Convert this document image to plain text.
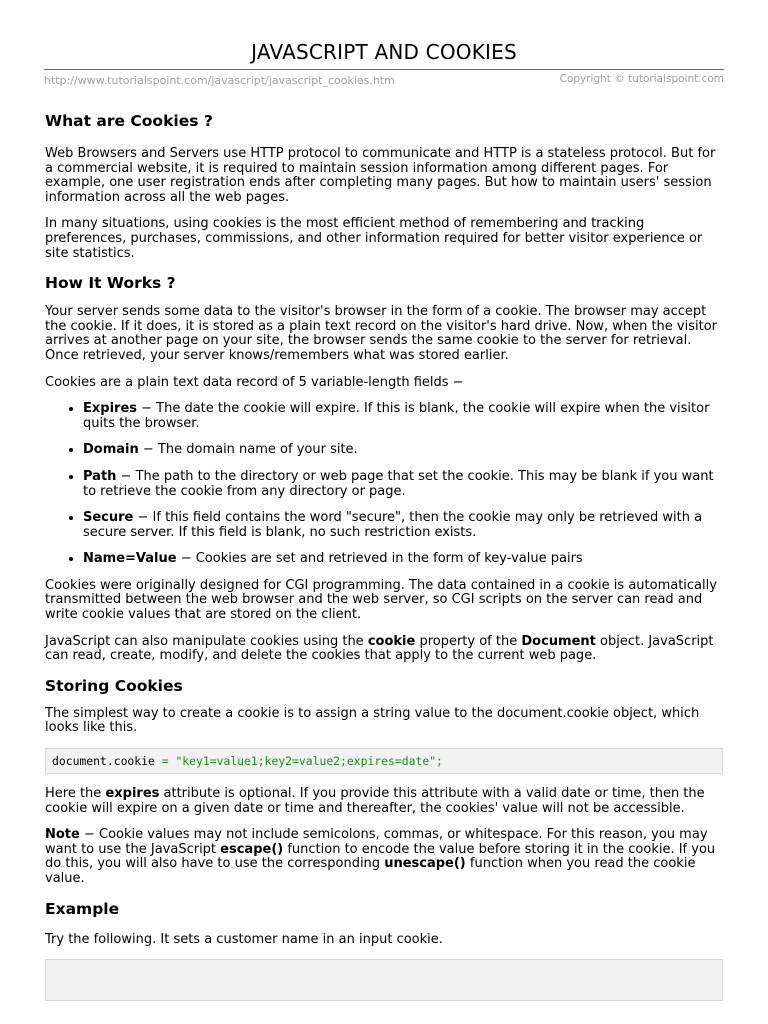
JAVASCRIPT AND COOKIES
http://www.tutorialspoint.com/javascript/javascript_cookies.htm	Copyright © tutorialspoint.com
What are Cookies ?

Web Browsers and Servers use HTTP protocol to communicate and HTTP is a stateless protocol. But for a commercial website, it is required to maintain session information among different pages. For example, one user registration ends after completing many pages. But how to maintain users' session information across all the web pages.

In many situations, using cookies is the most efficient method of remembering and tracking preferences, purchases, commissions, and other information required for better visitor experience or site statistics.

How It Works ?

Your server sends some data to the visitor's browser in the form of a cookie. The browser may accept the cookie. If it does, it is stored as a plain text record on the visitor's hard drive. Now, when the visitor arrives at another page on your site, the browser sends the same cookie to the server for retrieval. Once retrieved, your server knows/remembers what was stored earlier.

Cookies are a plain text data record of 5 variable-length fields −

• Expires − The date the cookie will expire. If this is blank, the cookie will expire when the visitor quits the browser.
• Domain − The domain name of your site.
• Path − The path to the directory or web page that set the cookie. This may be blank if you want to retrieve the cookie from any directory or page.
• Secure − If this field contains the word "secure", then the cookie may only be retrieved with a secure server. If this field is blank, no such restriction exists.
• Name=Value − Cookies are set and retrieved in the form of key-value pairs

Cookies were originally designed for CGI programming. The data contained in a cookie is automatically transmitted between the web browser and the web server, so CGI scripts on the server can read and write cookie values that are stored on the client.

JavaScript can also manipulate cookies using the cookie property of the Document object. JavaScript can read, create, modify, and delete the cookies that apply to the current web page.

Storing Cookies

The simplest way to create a cookie is to assign a string value to the document.cookie object, which looks like this.

document.cookie = "key1=value1;key2=value2;expires=date";

Here the expires attribute is optional. If you provide this attribute with a valid date or time, then the cookie will expire on a given date or time and thereafter, the cookies' value will not be accessible.

Note − Cookie values may not include semicolons, commas, or whitespace. For this reason, you may want to use the JavaScript escape() function to encode the value before storing it in the cookie. If you do this, you will also have to use the corresponding unescape() function when you read the cookie value.

Example

Try the following. It sets a customer name in an input cookie.
